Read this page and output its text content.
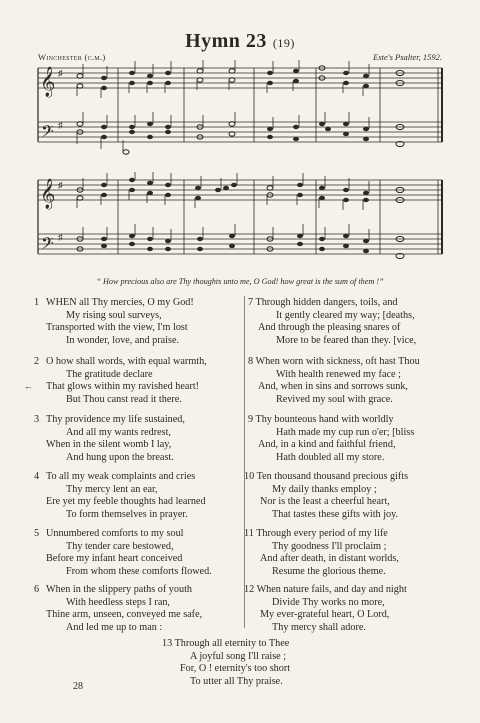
Hymn 23 (19)
Winchester (c.m.)	Este's Psalter, 1592.
𝄞
𝄢
♯
♯
𝄞
𝄢
♯
♯
“ How precious also are Thy thoughts unto me, O God! how great is the sum of them !”
1 WHEN all Thy mercies, O my God!
My rising soul surveys,
Transported with the view, I'm lost
In wonder, love, and praise.
2 O how shall words, with equal warmth,
The gratitude declare
That glows within my ravished heart!
But Thou canst read it there.
3 Thy providence my life sustained,
And all my wants redrest,
When in the silent womb I lay,
And hung upon the breast.
4 To all my weak complaints and cries
Thy mercy lent an ear,
Ere yet my feeble thoughts had learned
To form themselves in prayer.
5 Unnumbered comforts to my soul
Thy tender care bestowed,
Before my infant heart conceived
From whom these comforts flowed.
6 When in the slippery paths of youth
With heedless steps I ran,
Thine arm, unseen, conveyed me safe,
And led me up to man :
←
7 Through hidden dangers, toils, and
It gently cleared my way; [deaths,
And through the pleasing snares of
More to be feared than they. [vice,
8 When worn with sickness, oft hast Thou
With health renewed my face ;
And, when in sins and sorrows sunk,
Revived my soul with grace.
9 Thy bounteous hand with worldly
Hath made my cup run o'er; [bliss
And, in a kind and faithful friend,
Hath doubled all my store.
10 Ten thousand thousand precious gifts
My daily thanks employ ;
Nor is the least a cheerful heart,
That tastes these gifts with joy.
11 Through every period of my life
Thy goodness I'll proclaim ;
And after death, in distant worlds,
Resume the glorious theme.
12 When nature fails, and day and night
Divide Thy works no more,
My ever-grateful heart, O Lord,
Thy mercy shall adore.
13 Through all eternity to Thee
A joyful song I'll raise ;
For, O ! eternity's too short
To utter all Thy praise.
28
